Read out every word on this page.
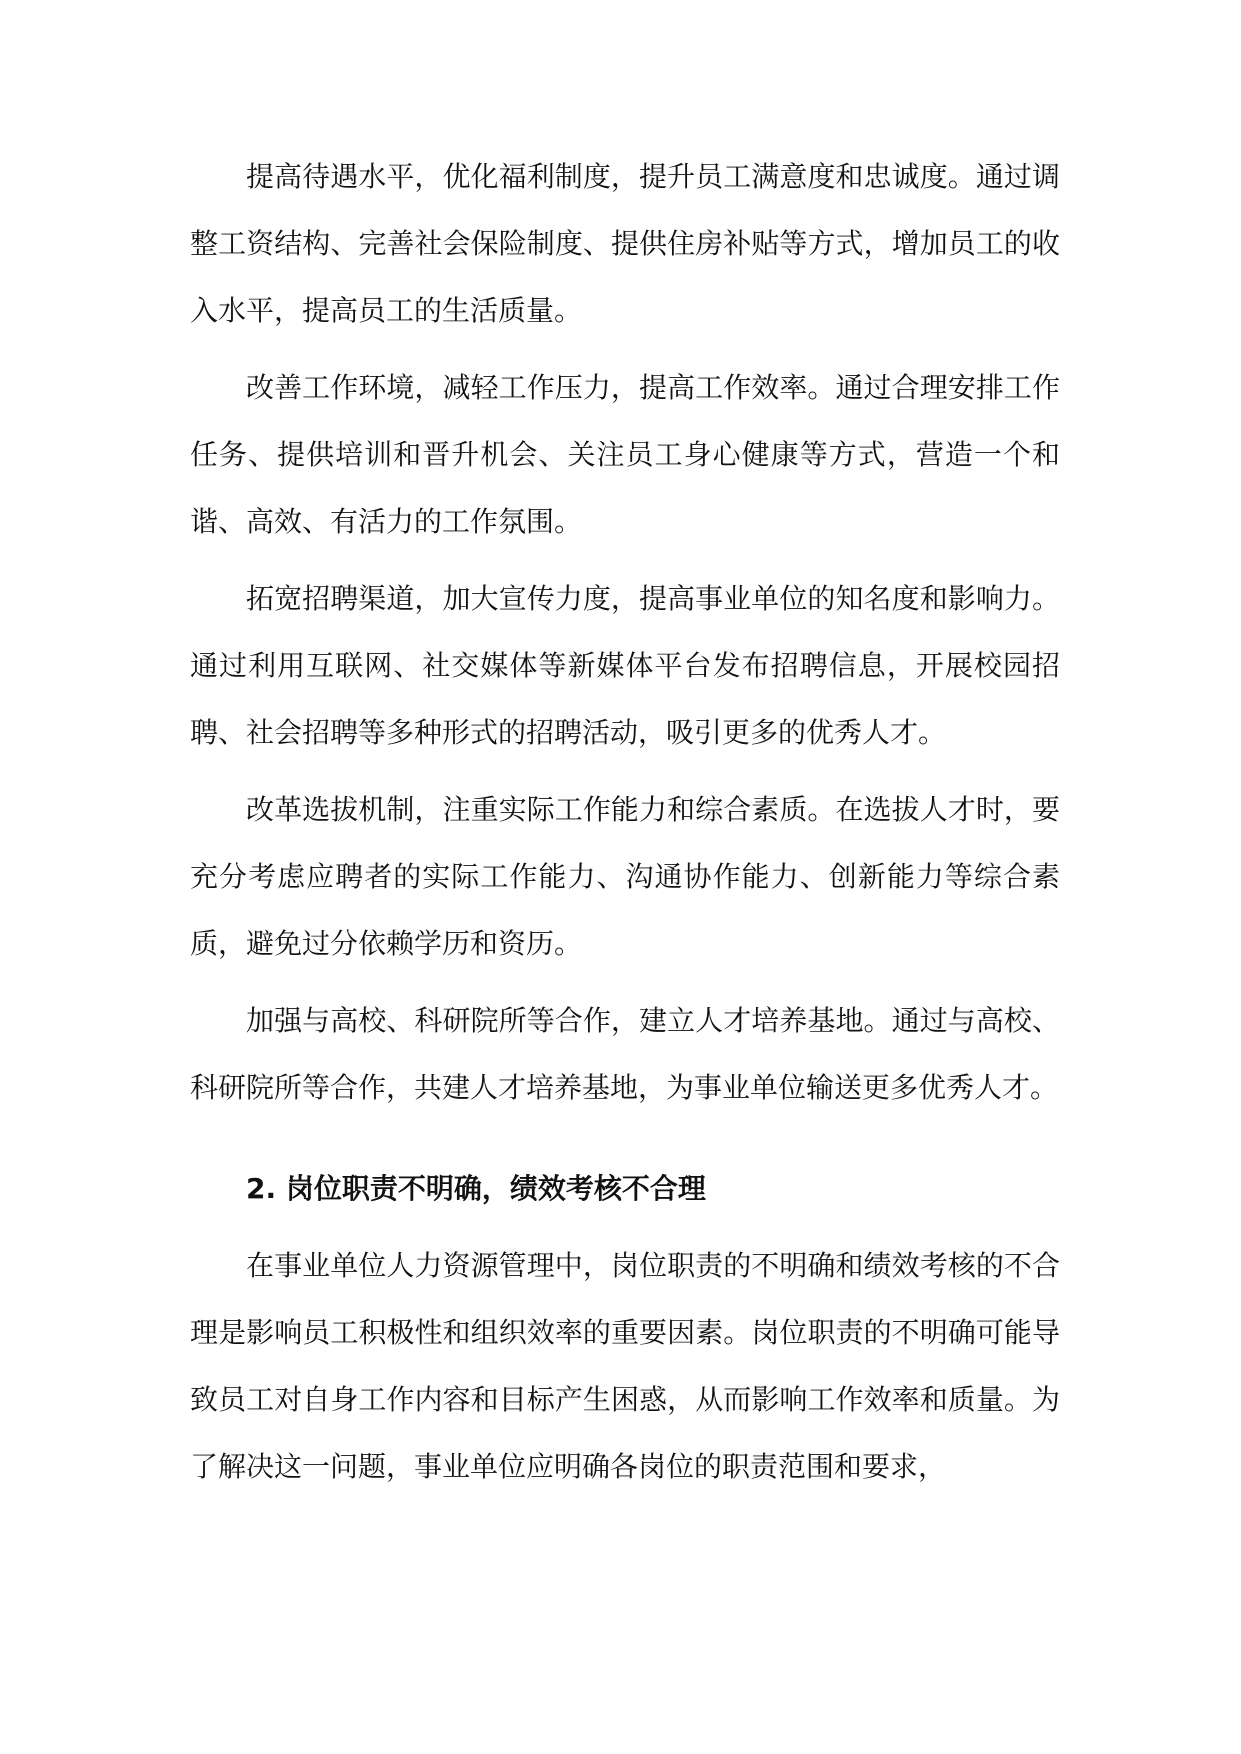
提高待遇水平，优化福利制度，提升员工满意度和忠诚度。通过调整工资结构、完善社会保险制度、提供住房补贴等方式，增加员工的收入水平，提高员工的生活质量。

改善工作环境，减轻工作压力，提高工作效率。通过合理安排工作任务、提供培训和晋升机会、关注员工身心健康等方式，营造一个和谐、高效、有活力的工作氛围。

拓宽招聘渠道，加大宣传力度，提高事业单位的知名度和影响力。通过利用互联网、社交媒体等新媒体平台发布招聘信息，开展校园招聘、社会招聘等多种形式的招聘活动，吸引更多的优秀人才。

改革选拔机制，注重实际工作能力和综合素质。在选拔人才时，要充分考虑应聘者的实际工作能力、沟通协作能力、创新能力等综合素质，避免过分依赖学历和资历。

加强与高校、科研院所等合作，建立人才培养基地。通过与高校、科研院所等合作，共建人才培养基地，为事业单位输送更多优秀人才。

2. 岗位职责不明确，绩效考核不合理

在事业单位人力资源管理中，岗位职责的不明确和绩效考核的不合理是影响员工积极性和组织效率的重要因素。岗位职责的不明确可能导致员工对自身工作内容和目标产生困惑，从而影响工作效率和质量。为了解决这一问题，事业单位应明确各岗位的职责范围和要求，
